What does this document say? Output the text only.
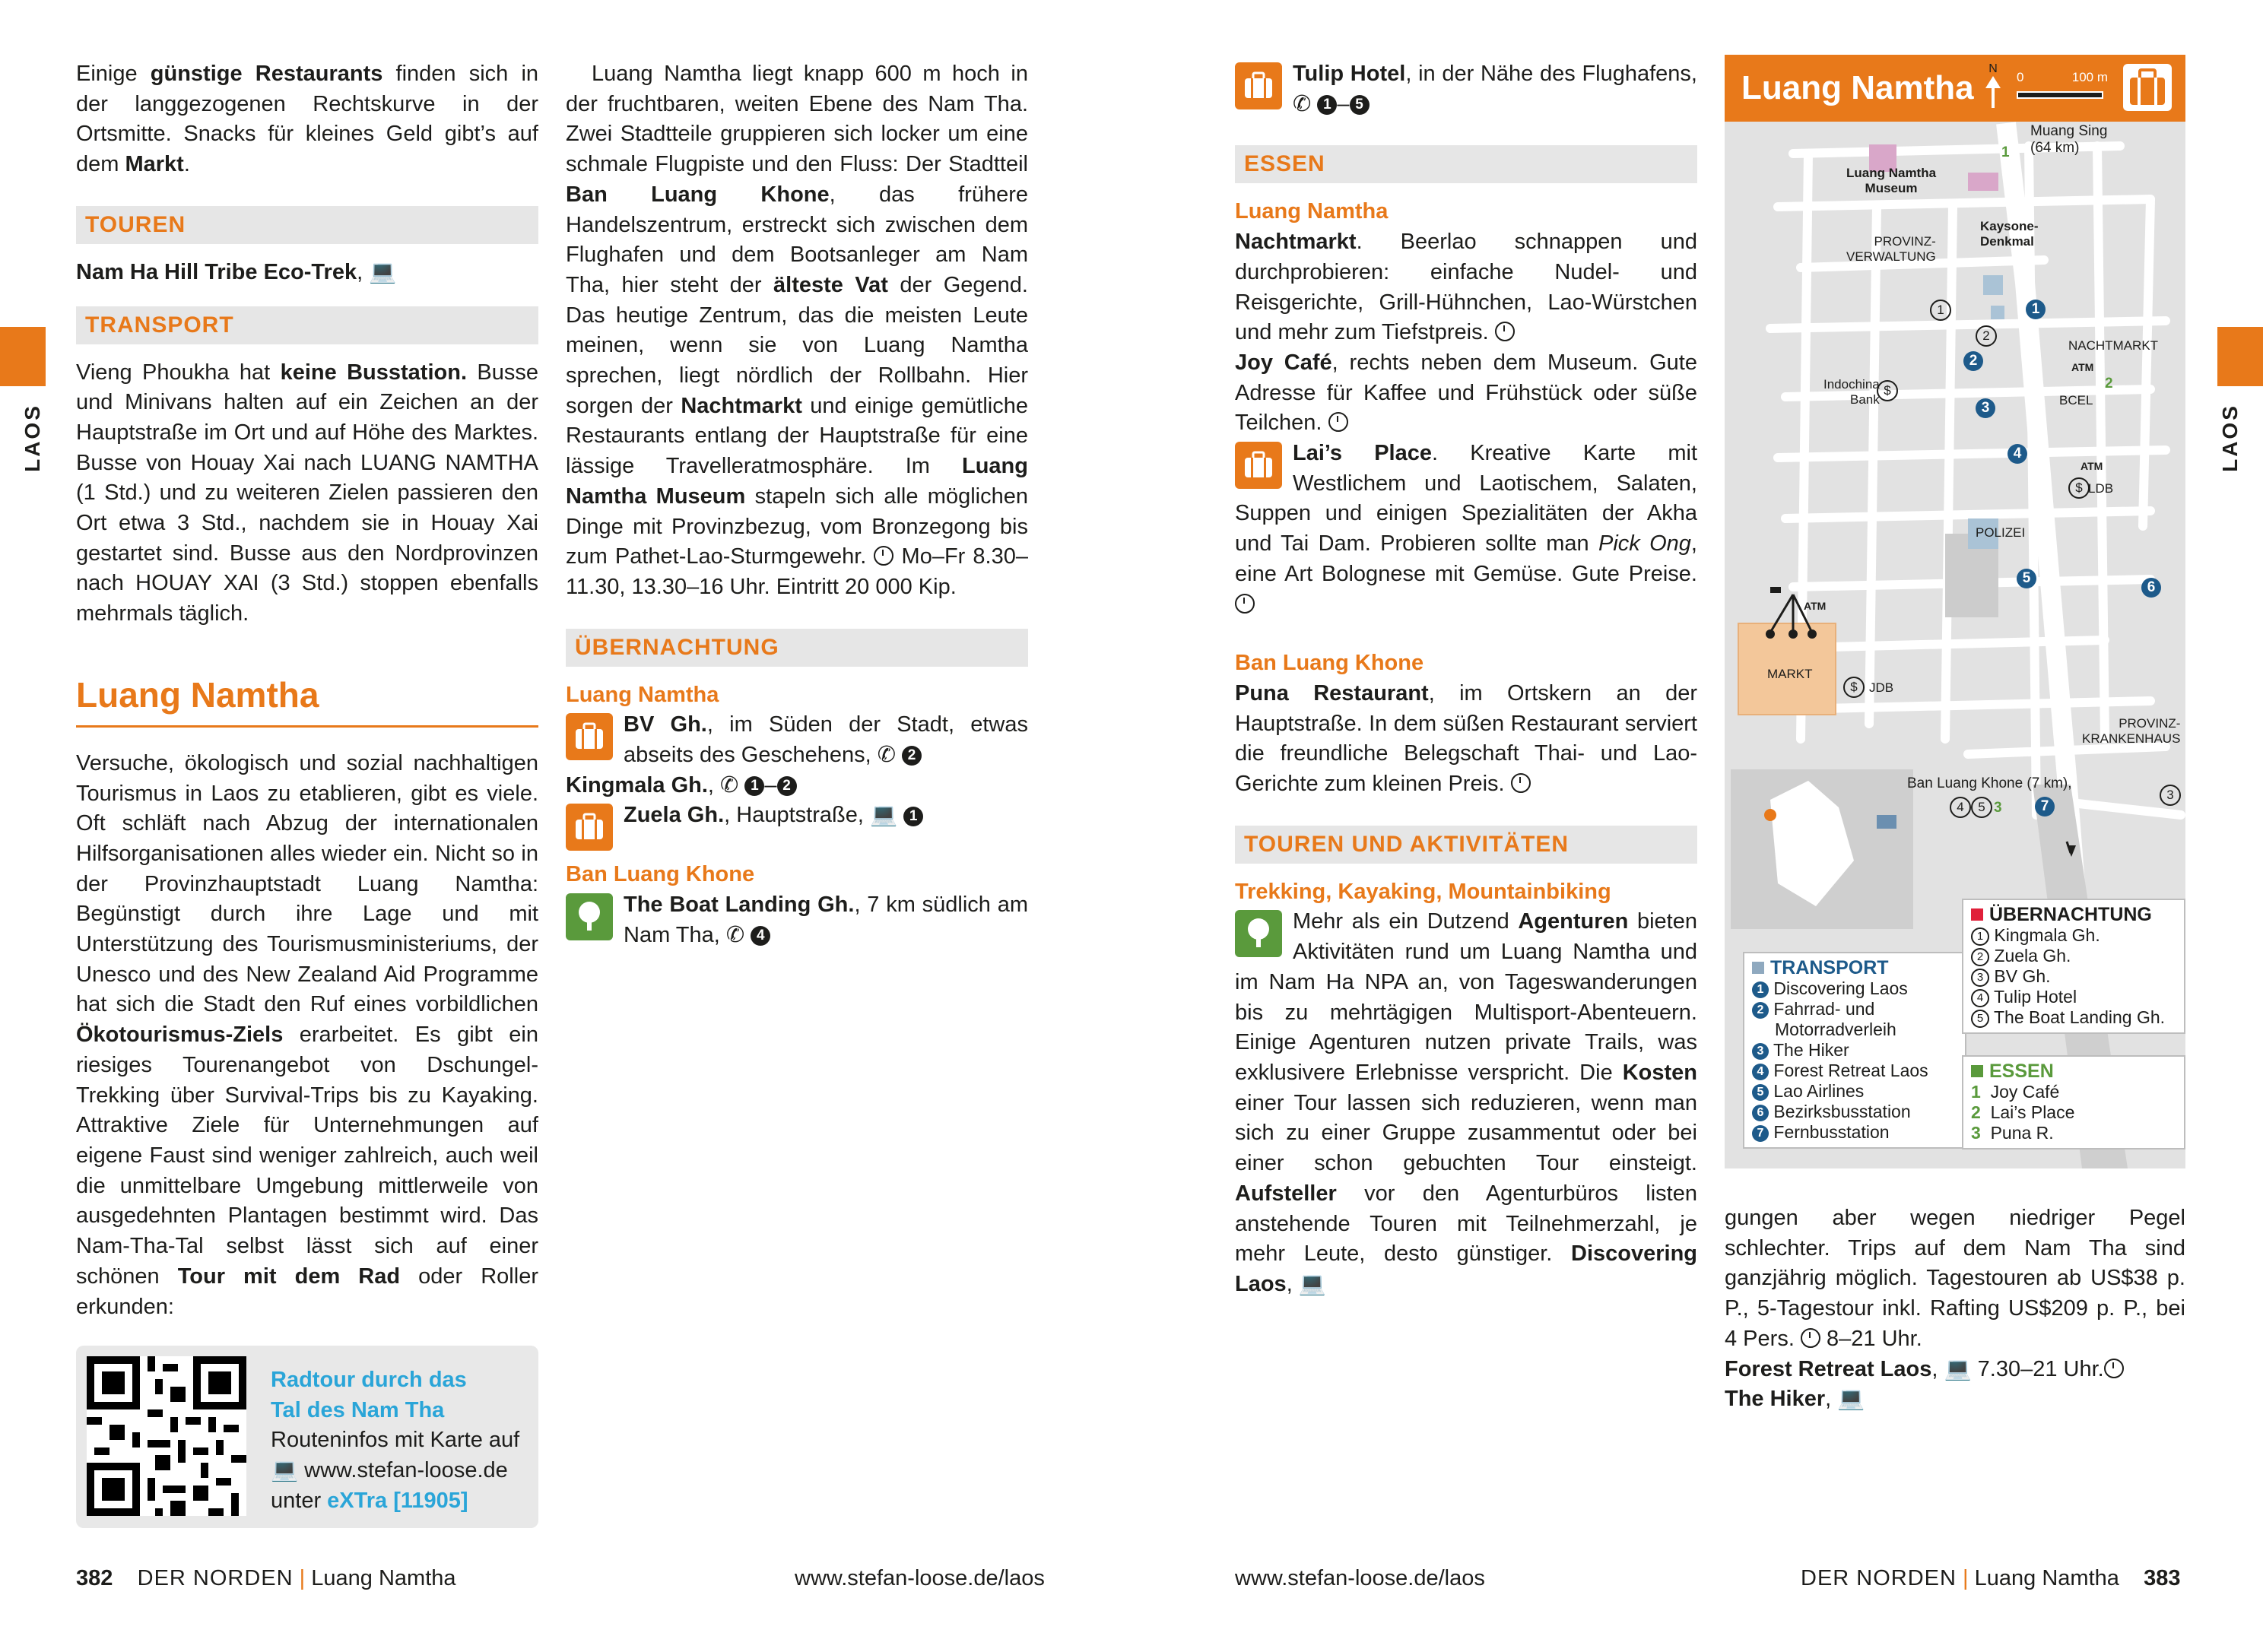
LAOS

Einige günstige Restaurants finden sich in der langgezogenen Rechtskurve in der Ortsmitte. Snacks für kleines Geld gibt’s auf dem Markt.

TOUREN

Nam Ha Hill Tribe Eco-Trek, 💻

TRANSPORT

Vieng Phoukha hat keine Busstation. Busse und Minivans halten auf ein Zeichen an der Hauptstraße im Ort und auf Höhe des Marktes. Busse von Houay Xai nach LUANG NAMTHA (1 Std.) und zu weiteren Zielen passieren den Ort etwa 3 Std., nachdem sie in Houay Xai gestartet sind. Busse aus den Nordprovinzen nach HOUAY XAI (3 Std.) stoppen ebenfalls mehrmals täglich.

Luang Namtha

Versuche, ökologisch und sozial nachhaltigen Tourismus in Laos zu etablieren, gibt es viele. Oft schläft nach Abzug der internationalen Hilfsorganisationen alles wieder ein. Nicht so in der Provinzhauptstadt Luang Namtha: Begünstigt durch ihre Lage und mit Unterstützung des Tourismusministeriums, der Unesco und des New Zealand Aid Programme hat sich die Stadt den Ruf eines vorbildlichen Ökotourismus-Ziels erarbeitet. Es gibt ein riesiges Tourenangebot von Dschungel-Trekking über Survival-Trips bis zu Kayaking. Attraktive Ziele für Unternehmungen auf eigene Faust sind weniger zahlreich, auch weil die unmittelbare Umgebung mittlerweile von ausgedehnten Plantagen bestimmt wird. Das Nam-Tha-Tal selbst lässt sich auf einer schönen Tour mit dem Rad oder Roller erkunden:

Radtour durch das
Tal des Nam Tha
Routeninfos mit Karte auf
💻 www.stefan-loose.de
unter eXTra [11905]

Luang Namtha liegt knapp 600 m hoch in der fruchtbaren, weiten Ebene des Nam Tha. Zwei Stadtteile gruppieren sich locker um eine schmale Flugpiste und den Fluss: Der Stadtteil Ban Luang Khone, das frühere Handelszentrum, erstreckt sich zwischen dem Flughafen und dem Bootsanleger am Nam Tha, hier steht der älteste Vat der Gegend. Das heutige Zentrum, das die meisten Leute meinen, wenn sie von Luang Namtha sprechen, liegt nördlich der Rollbahn. Hier sorgen der Nachtmarkt und einige gemütliche Restaurants entlang der Hauptstraße für eine lässige Travelleratmosphäre. Im Luang Namtha Museum stapeln sich alle möglichen Dinge mit Provinzbezug, vom Bronzegong bis zum Pathet-Lao-Sturmgewehr.  Mo–Fr 8.30–11.30, 13.30–16 Uhr. Eintritt 20 000 Kip.

ÜBERNACHTUNG
Luang Namtha

BV Gh., im Süden der Stadt, etwas abseits des Geschehens, ✆ 2

Kingmala Gh., ✆ 1 – 2

Zuela Gh., Hauptstraße, 💻 1

Ban Luang Khone

The Boat Landing Gh., 7 km südlich am Nam Tha, ✆ 4

382 DER NORDEN | Luang Namtha	www.stefan-loose.de/laos
LAOS

Tulip Hotel, in der Nähe des Flughafens, ✆ 1 – 5

ESSEN
Luang Namtha

Nachtmarkt. Beerlao schnappen und durchprobieren: einfache Nudel- und Reisgerichte, Grill-Hühnchen, Lao-Würstchen und mehr zum Tiefstpreis.

Joy Café, rechts neben dem Museum. Gute Adresse für Kaffee und Frühstück oder süße Teilchen.

Lai’s Place. Kreative Karte mit Westlichem und Laotischem, Salaten, Suppen und einigen Spezialitäten der Akha und Tai Dam. Probieren sollte man Pick Ong, eine Art Bolognese mit Gemüse. Gute Preise.

Ban Luang Khone

Puna Restaurant, im Ortskern an der Hauptstraße. In dem süßen Restaurant serviert die freundliche Belegschaft Thai- und Lao-Gerichte zum kleinen Preis.

TOUREN UND AKTIVITÄTEN
Trekking, Kayaking, Mountainbiking

Mehr als ein Dutzend Agenturen bieten Aktivitäten rund um Luang Namtha und im Nam Ha NPA an, von Tageswanderungen bis zu mehrtägigen Multisport-Abenteuern. Einige Agenturen nutzen private Trails, was exklusivere Erlebnisse verspricht. Die Kosten einer Tour lassen sich reduzieren, wenn man sich zu einer Gruppe zusammentut oder bei einer schon gebuchten Tour einsteigt. Aufsteller vor den Agenturbüros listen anstehende Touren mit Teilnehmerzahl, je mehr Leute, desto günstiger. Discovering Laos, 💻

gungen aber wegen niedriger Pegel schlechter. Trips auf dem Nam Tha sind ganzjährig möglich. Tagestouren ab US$38 p. P., 5-Tagestour inkl. Rafting US$209 p. P., bei 4 Pers.  8–21 Uhr.

Forest Retreat Laos, 💻 7.30–21 Uhr.

The Hiker, 💻

Luang Namtha
N
0	100 m
Muang Sing
(64 km)
Luang Namtha
Museum
PROVINZ-
VERWALTUNG
Kaysone-
Denkmal
NACHTMARKT
ATM
Indochina
Bank	BCEL
ATM
LDB
POLIZEI
ATM
MARKT
JDB
PROVINZ-
KRANKENHAUS
Ban Luang Khone (7 km),
$
$
$
1	1
2
2
3
4
5
6
3
4	5 3	7
1
2
TRANSPORT
1 Discovering Laos
2 Fahrrad- und
Motorradverleih
3 The Hiker
4 Forest Retreat Laos
5 Lao Airlines
6 Bezirksbusstation
7 Fernbusstation
ÜBERNACHTUNG
1 Kingmala Gh.
2 Zuela Gh.
3 BV Gh.
4 Tulip Hotel
5 The Boat Landing Gh.
ESSEN
1 Joy Café
2 Lai’s Place
3 Puna R.
www.stefan-loose.de/laos	DER NORDEN | Luang Namtha 383
